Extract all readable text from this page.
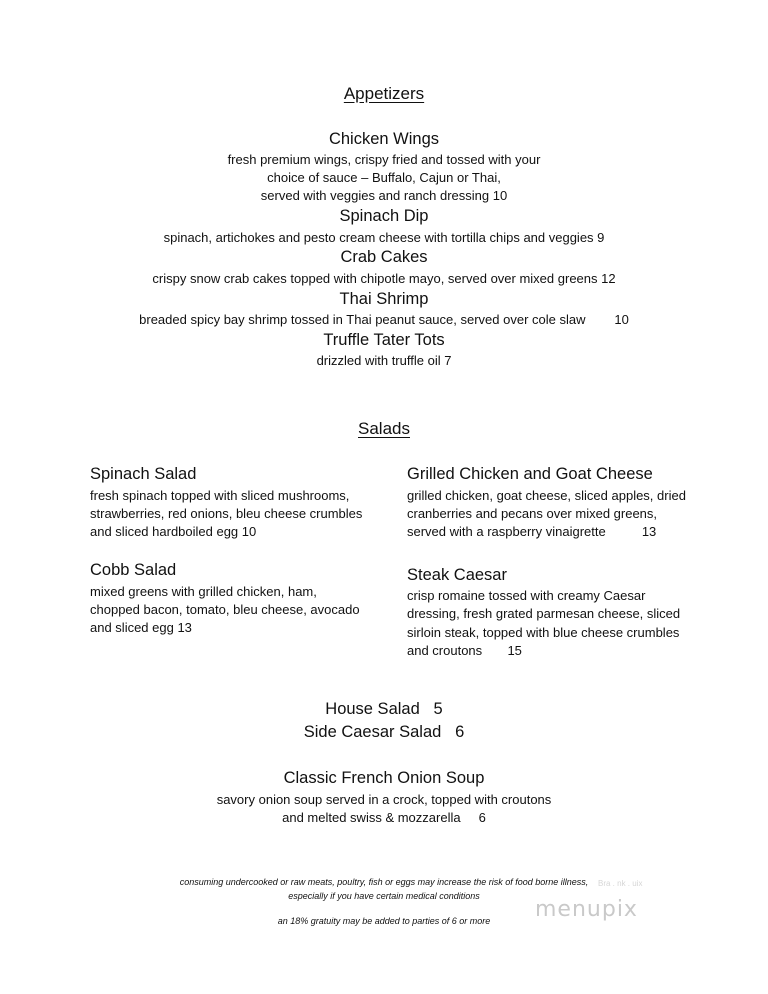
Appetizers
Chicken Wings
fresh premium wings, crispy fried and tossed with your
choice of sauce – Buffalo, Cajun or Thai,
served with veggies and ranch dressing 10
Spinach Dip
spinach, artichokes and pesto cream cheese with tortilla chips and veggies 9
Crab Cakes
crispy snow crab cakes topped with chipotle mayo, served over mixed greens 12
Thai Shrimp
breaded spicy bay shrimp tossed in Thai peanut sauce, served over cole slaw        10
Truffle Tater Tots
drizzled with truffle oil 7
Salads
Spinach Salad
fresh spinach topped with sliced mushrooms,
strawberries, red onions, bleu cheese crumbles
and sliced hardboiled egg 10
Cobb Salad
mixed greens with grilled chicken, ham,
chopped bacon, tomato, bleu cheese, avocado
and sliced egg 13
Grilled Chicken and Goat Cheese
grilled chicken, goat cheese, sliced apples, dried
cranberries and pecans over mixed greens,
served with a raspberry vinaigrette          13
Steak Caesar
crisp romaine tossed with creamy Caesar
dressing, fresh grated parmesan cheese, sliced
sirloin steak, topped with blue cheese crumbles
and croutons       15
House Salad   5
Side Caesar Salad   6
Classic French Onion Soup
savory onion soup served in a crock, topped with croutons
and melted swiss & mozzarella     6
consuming undercooked or raw meats, poultry, fish or eggs may increase the risk of food borne illness,
especially if you have certain medical conditions
an 18% gratuity may be added to parties of 6 or more
Bra . nk . uix
menupix
